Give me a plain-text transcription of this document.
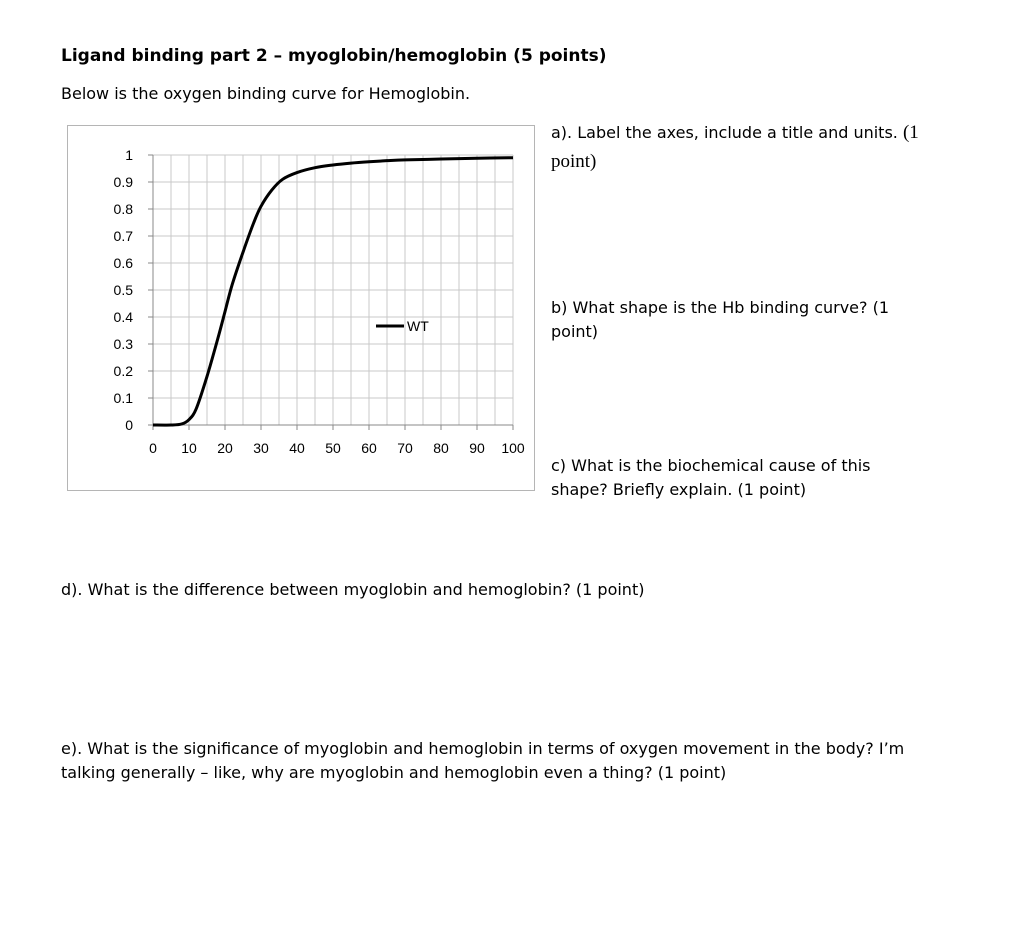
Ligand binding part 2 – myoglobin/hemoglobin (5 points)
Below is the oxygen binding curve for Hemoglobin.
0
0.1
0.2
0.3
0.4
0.5
0.6
0.7
0.8
0.9
1
0 10 20 30 40 50 60 70 80 90 100
WT
a). Label the axes, include a title and units. (1
point)
b) What shape is the Hb binding curve? (1
point)
c) What is the biochemical cause of this
shape? Briefly explain. (1 point)
d). What is the difference between myoglobin and hemoglobin? (1 point)
e). What is the significance of myoglobin and hemoglobin in terms of oxygen movement in the body? I’m
talking generally – like, why are myoglobin and hemoglobin even a thing? (1 point)
